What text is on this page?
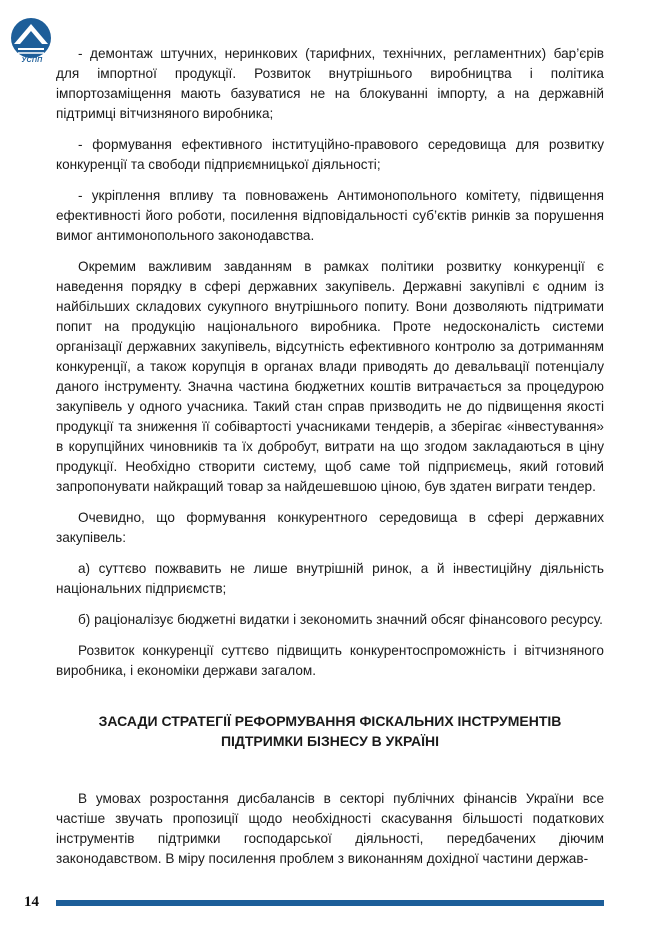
УСПП	- демонтаж штучних, неринкових (тарифних, технічних, регламентних) бар’єрів для імпортної продукції. Розвиток внутрішнього виробництва і політика імпортозаміщення мають базуватися не на блокуванні імпорту, а на державній підтримці вітчизняного виробника;

- формування ефективного інституційно-правового середовища для розвитку конкуренції та свободи підприємницької діяльності;

- укріплення впливу та повноважень Антимонопольного комітету, підвищення ефективності його роботи, посилення відповідальності суб’єктів ринків за порушення вимог антимонопольного законодавства.

Окремим важливим завданням в рамках політики розвитку конкуренції є наведення порядку в сфері державних закупівель. Державні закупівлі є одним із найбільших складових сукупного внутрішнього попиту. Вони дозволяють підтримати попит на продукцію національного виробника. Проте недосконалість системи організації державних закупівель, відсутність ефективного контролю за дотриманням конкуренції, а також корупція в органах влади приводять до девальвації потенціалу даного інструменту. Значна частина бюджетних коштів витрачається за процедурою закупівель у одного учасника. Такий стан справ призводить не до підвищення якості продукції та зниження її собівартості учасниками тендерів, а зберігає «інвестування» в корупційних чиновників та їх добробут, витрати на що згодом закладаються в ціну продукції. Необхідно створити систему, щоб саме той підприємець, який готовий запропонувати найкращий товар за найдешевшою ціною, був здатен виграти тендер.

Очевидно, що формування конкурентного середовища в сфері державних закупівель:

а) суттєво пожвавить не лише внутрішній ринок, а й інвестиційну діяльність національних підприємств;

б) раціоналізує бюджетні видатки і зекономить значний обсяг фінансового ресурсу.

Розвиток конкуренції суттєво підвищить конкурентоспроможність і вітчизняного виробника, і економіки держави загалом.

ЗАСАДИ СТРАТЕГІЇ РЕФОРМУВАННЯ ФІСКАЛЬНИХ ІНСТРУМЕНТІВ
ПІДТРИМКИ БІЗНЕСУ В УКРАЇНІ

В умовах розростання дисбалансів в секторі публічних фінансів України все частіше звучать пропозиції щодо необхідності скасування більшості податкових інструментів підтримки господарської діяльності, передбачених діючим законодавством. В міру посилення проблем з виконанням дохідної частини держав-

14
